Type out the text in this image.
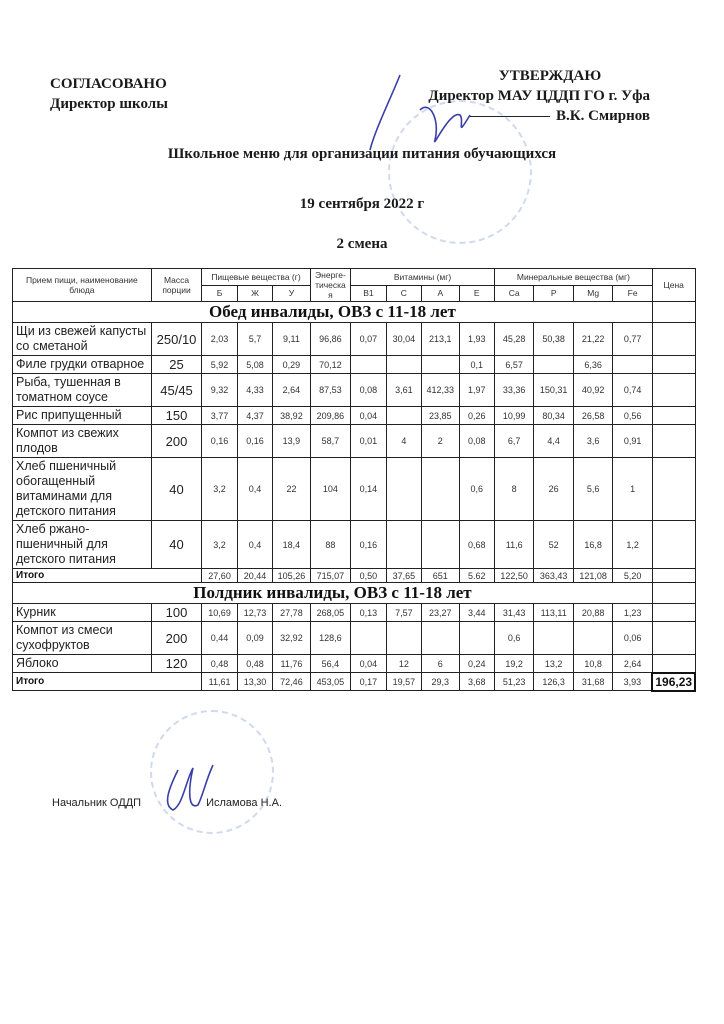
СОГЛАСОВАНО
Директор школы
УТВЕРЖДАЮ
Директор МАУ ЦДДП ГО г. Уфа
В.К. Смирнов
Школьное меню для организации питания обучающихся
19 сентября 2022 г
2 смена
Прием пищи, наименование блюда	Масса порции	Пищевые вещества (г)			Энерге-тическа я	Витамины (мг)				Минеральные вещества (мг)				Цена
		Б	Ж	У		В1	С	А	Е	Ca	P	Mg	Fe	
Обед инвалиды, ОВЗ с 11-18 лет														
Щи из свежей капусты со сметаной	250/10	2,03	5,7	9,11	96,86	0,07	30,04	213,1	1,93	45,28	50,38	21,22	0,77	
Филе грудки отварное	25	5,92	5,08	0,29	70,12				0,1	6,57		6,36		
Рыба, тушенная в томатном соусе	45/45	9,32	4,33	2,64	87,53	0,08	3,61	412,33	1,97	33,36	150,31	40,92	0,74	
Рис припущенный	150	3,77	4,37	38,92	209,86	0,04		23,85	0,26	10,99	80,34	26,58	0,56	
Компот из свежих плодов	200	0,16	0,16	13,9	58,7	0,01	4	2	0,08	6,7	4,4	3,6	0,91	
Хлеб пшеничный обогащенный витаминами для детского питания	40	3,2	0,4	22	104	0,14			0,6	8	26	5,6	1	
Хлеб ржано-пшеничный для детского питания	40	3,2	0,4	18,4	88	0,16			0,68	11,6	52	16,8	1,2	
Итого		27,60	20,44	105,26	715,07	0,50	37,65	651	5.62	122,50	363,43	121,08	5,20	
Полдник инвалиды, ОВЗ с 11-18 лет														
Курник	100	10,69	12,73	27,78	268,05	0,13	7,57	23,27	3,44	31,43	113,11	20,88	1,23	
Компот из смеси сухофруктов	200	0,44	0,09	32,92	128,6					0,6			0,06	
Яблоко	120	0,48	0,48	11,76	56,4	0,04	12	6	0,24	19,2	13,2	10,8	2,64	
Итого		11,61	13,30	72,46	453,05	0,17	19,57	29,3	3,68	51,23	126,3	31,68	3,93	196,23
Начальник ОДДП	Исламова Н.А.
